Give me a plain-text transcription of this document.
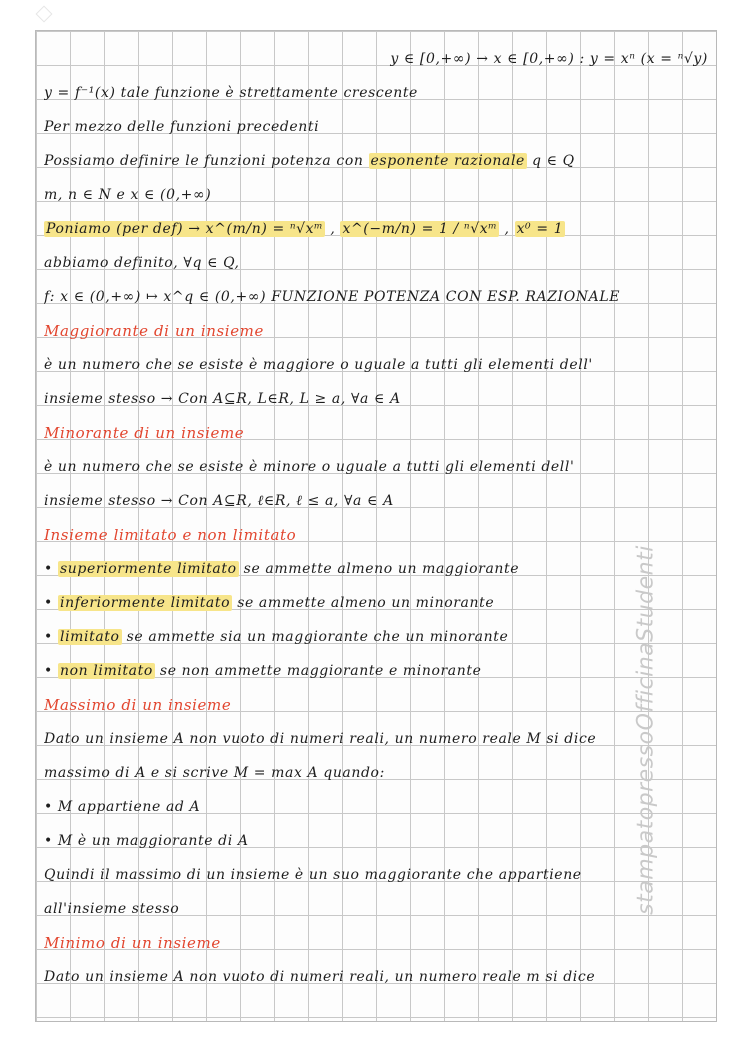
y ∈ [0,+∞) → x ∈ [0,+∞) : y = xⁿ (x = ⁿ√y)
y = f⁻¹(x) tale funzione è strettamente crescente
Per mezzo delle funzioni precedenti
Possiamo definire le funzioni potenza con esponente razionale q ∈ Q
m, n ∈ N e x ∈ (0,+∞)
Poniamo (per def) → x^(m/n) = ⁿ√xᵐ , x^(−m/n) = 1 / ⁿ√xᵐ , x⁰ = 1
abbiamo definito, ∀q ∈ Q,
f: x ∈ (0,+∞) ↦ x^q ∈ (0,+∞) FUNZIONE POTENZA CON ESP. RAZIONALE
Maggiorante di un insieme
è un numero che se esiste è maggiore o uguale a tutti gli elementi dell'
insieme stesso → Con A⊆R, L∈R, L ≥ a, ∀a ∈ A
Minorante di un insieme
è un numero che se esiste è minore o uguale a tutti gli elementi dell'
insieme stesso → Con A⊆R, ℓ∈R, ℓ ≤ a, ∀a ∈ A
Insieme limitato e non limitato
• superiormente limitato se ammette almeno un maggiorante
• inferiormente limitato se ammette almeno un minorante
• limitato se ammette sia un maggiorante che un minorante
• non limitato se non ammette maggiorante e minorante
Massimo di un insieme
Dato un insieme A non vuoto di numeri reali, un numero reale M si dice
massimo di A e si scrive M = max A quando:
• M appartiene ad A
• M è un maggiorante di A
Quindi il massimo di un insieme è un suo maggiorante che appartiene
all'insieme stesso
Minimo di un insieme
Dato un insieme A non vuoto di numeri reali, un numero reale m si dice
stampatopressoOfficinaStudenti
